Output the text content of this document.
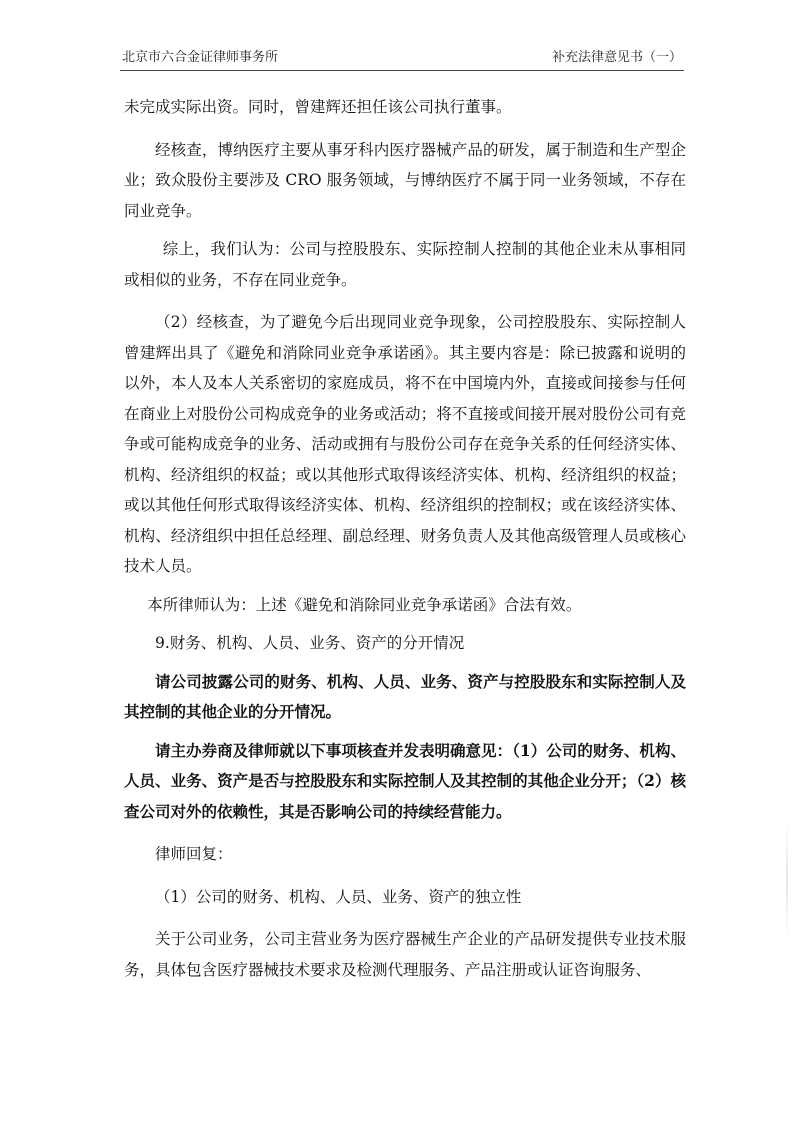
北京市六合金证律师事务所	补充法律意见书（一）

未完成实际出资。同时，曾建辉还担任该公司执行董事。

经核查，博纳医疗主要从事牙科内医疗器械产品的研发，属于制造和生产型企业；致众股份主要涉及 CRO 服务领域，与博纳医疗不属于同一业务领域，不存在同业竞争。

综上，我们认为：公司与控股股东、实际控制人控制的其他企业未从事相同或相似的业务，不存在同业竞争。

（2）经核查，为了避免今后出现同业竞争现象，公司控股股东、实际控制人曾建辉出具了《避免和消除同业竞争承诺函》。其主要内容是：除已披露和说明的以外，本人及本人关系密切的家庭成员，将不在中国境内外，直接或间接参与任何在商业上对股份公司构成竞争的业务或活动；将不直接或间接开展对股份公司有竞争或可能构成竞争的业务、活动或拥有与股份公司存在竞争关系的任何经济实体、机构、经济组织的权益；或以其他形式取得该经济实体、机构、经济组织的权益；或以其他任何形式取得该经济实体、机构、经济组织的控制权；或在该经济实体、机构、经济组织中担任总经理、副总经理、财务负责人及其他高级管理人员或核心技术人员。

本所律师认为：上述《避免和消除同业竞争承诺函》合法有效。

9.财务、机构、人员、业务、资产的分开情况

请公司披露公司的财务、机构、人员、业务、资产与控股股东和实际控制人及其控制的其他企业的分开情况。

请主办券商及律师就以下事项核查并发表明确意见：（1）公司的财务、机构、人员、业务、资产是否与控股股东和实际控制人及其控制的其他企业分开；（2）核查公司对外的依赖性，其是否影响公司的持续经营能力。

律师回复：

（1）公司的财务、机构、人员、业务、资产的独立性

关于公司业务，公司主营业务为医疗器械生产企业的产品研发提供专业技术服务，具体包含医疗器械技术要求及检测代理服务、产品注册或认证咨询服务、
